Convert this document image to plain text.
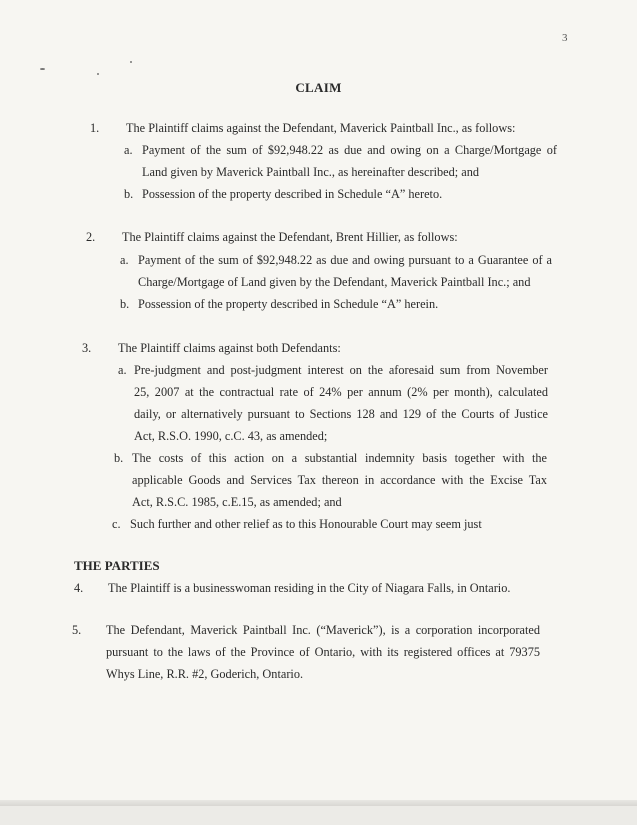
3
CLAIM
1. The Plaintiff claims against the Defendant, Maverick Paintball Inc., as follows:
a. Payment of the sum of $92,948.22 as due and owing on a Charge/Mortgage of
Land given by Maverick Paintball Inc., as hereinafter described; and
b. Possession of the property described in Schedule “A” hereto.
2. The Plaintiff claims against the Defendant, Brent Hillier, as follows:
a. Payment of the sum of $92,948.22 as due and owing pursuant to a Guarantee of a
Charge/Mortgage of Land given by the Defendant, Maverick Paintball Inc.; and
b. Possession of the property described in Schedule “A” herein.
3. The Plaintiff claims against both Defendants:
a. Pre-judgment and post-judgment interest on the aforesaid sum from November
25, 2007 at the contractual rate of 24% per annum (2% per month), calculated
daily, or alternatively pursuant to Sections 128 and 129 of the Courts of Justice
Act, R.S.O. 1990, c.C. 43, as amended;
b. The costs of this action on a substantial indemnity basis together with the
applicable Goods and Services Tax thereon in accordance with the Excise Tax
Act, R.S.C. 1985, c.E.15, as amended; and
c. Such further and other relief as to this Honourable Court may seem just
THE PARTIES
4. The Plaintiff is a businesswoman residing in the City of Niagara Falls, in Ontario.
5. The Defendant, Maverick Paintball Inc. (“Maverick”), is a corporation incorporated
pursuant to the laws of the Province of Ontario, with its registered offices at 79375
Whys Line, R.R. #2, Goderich, Ontario.
